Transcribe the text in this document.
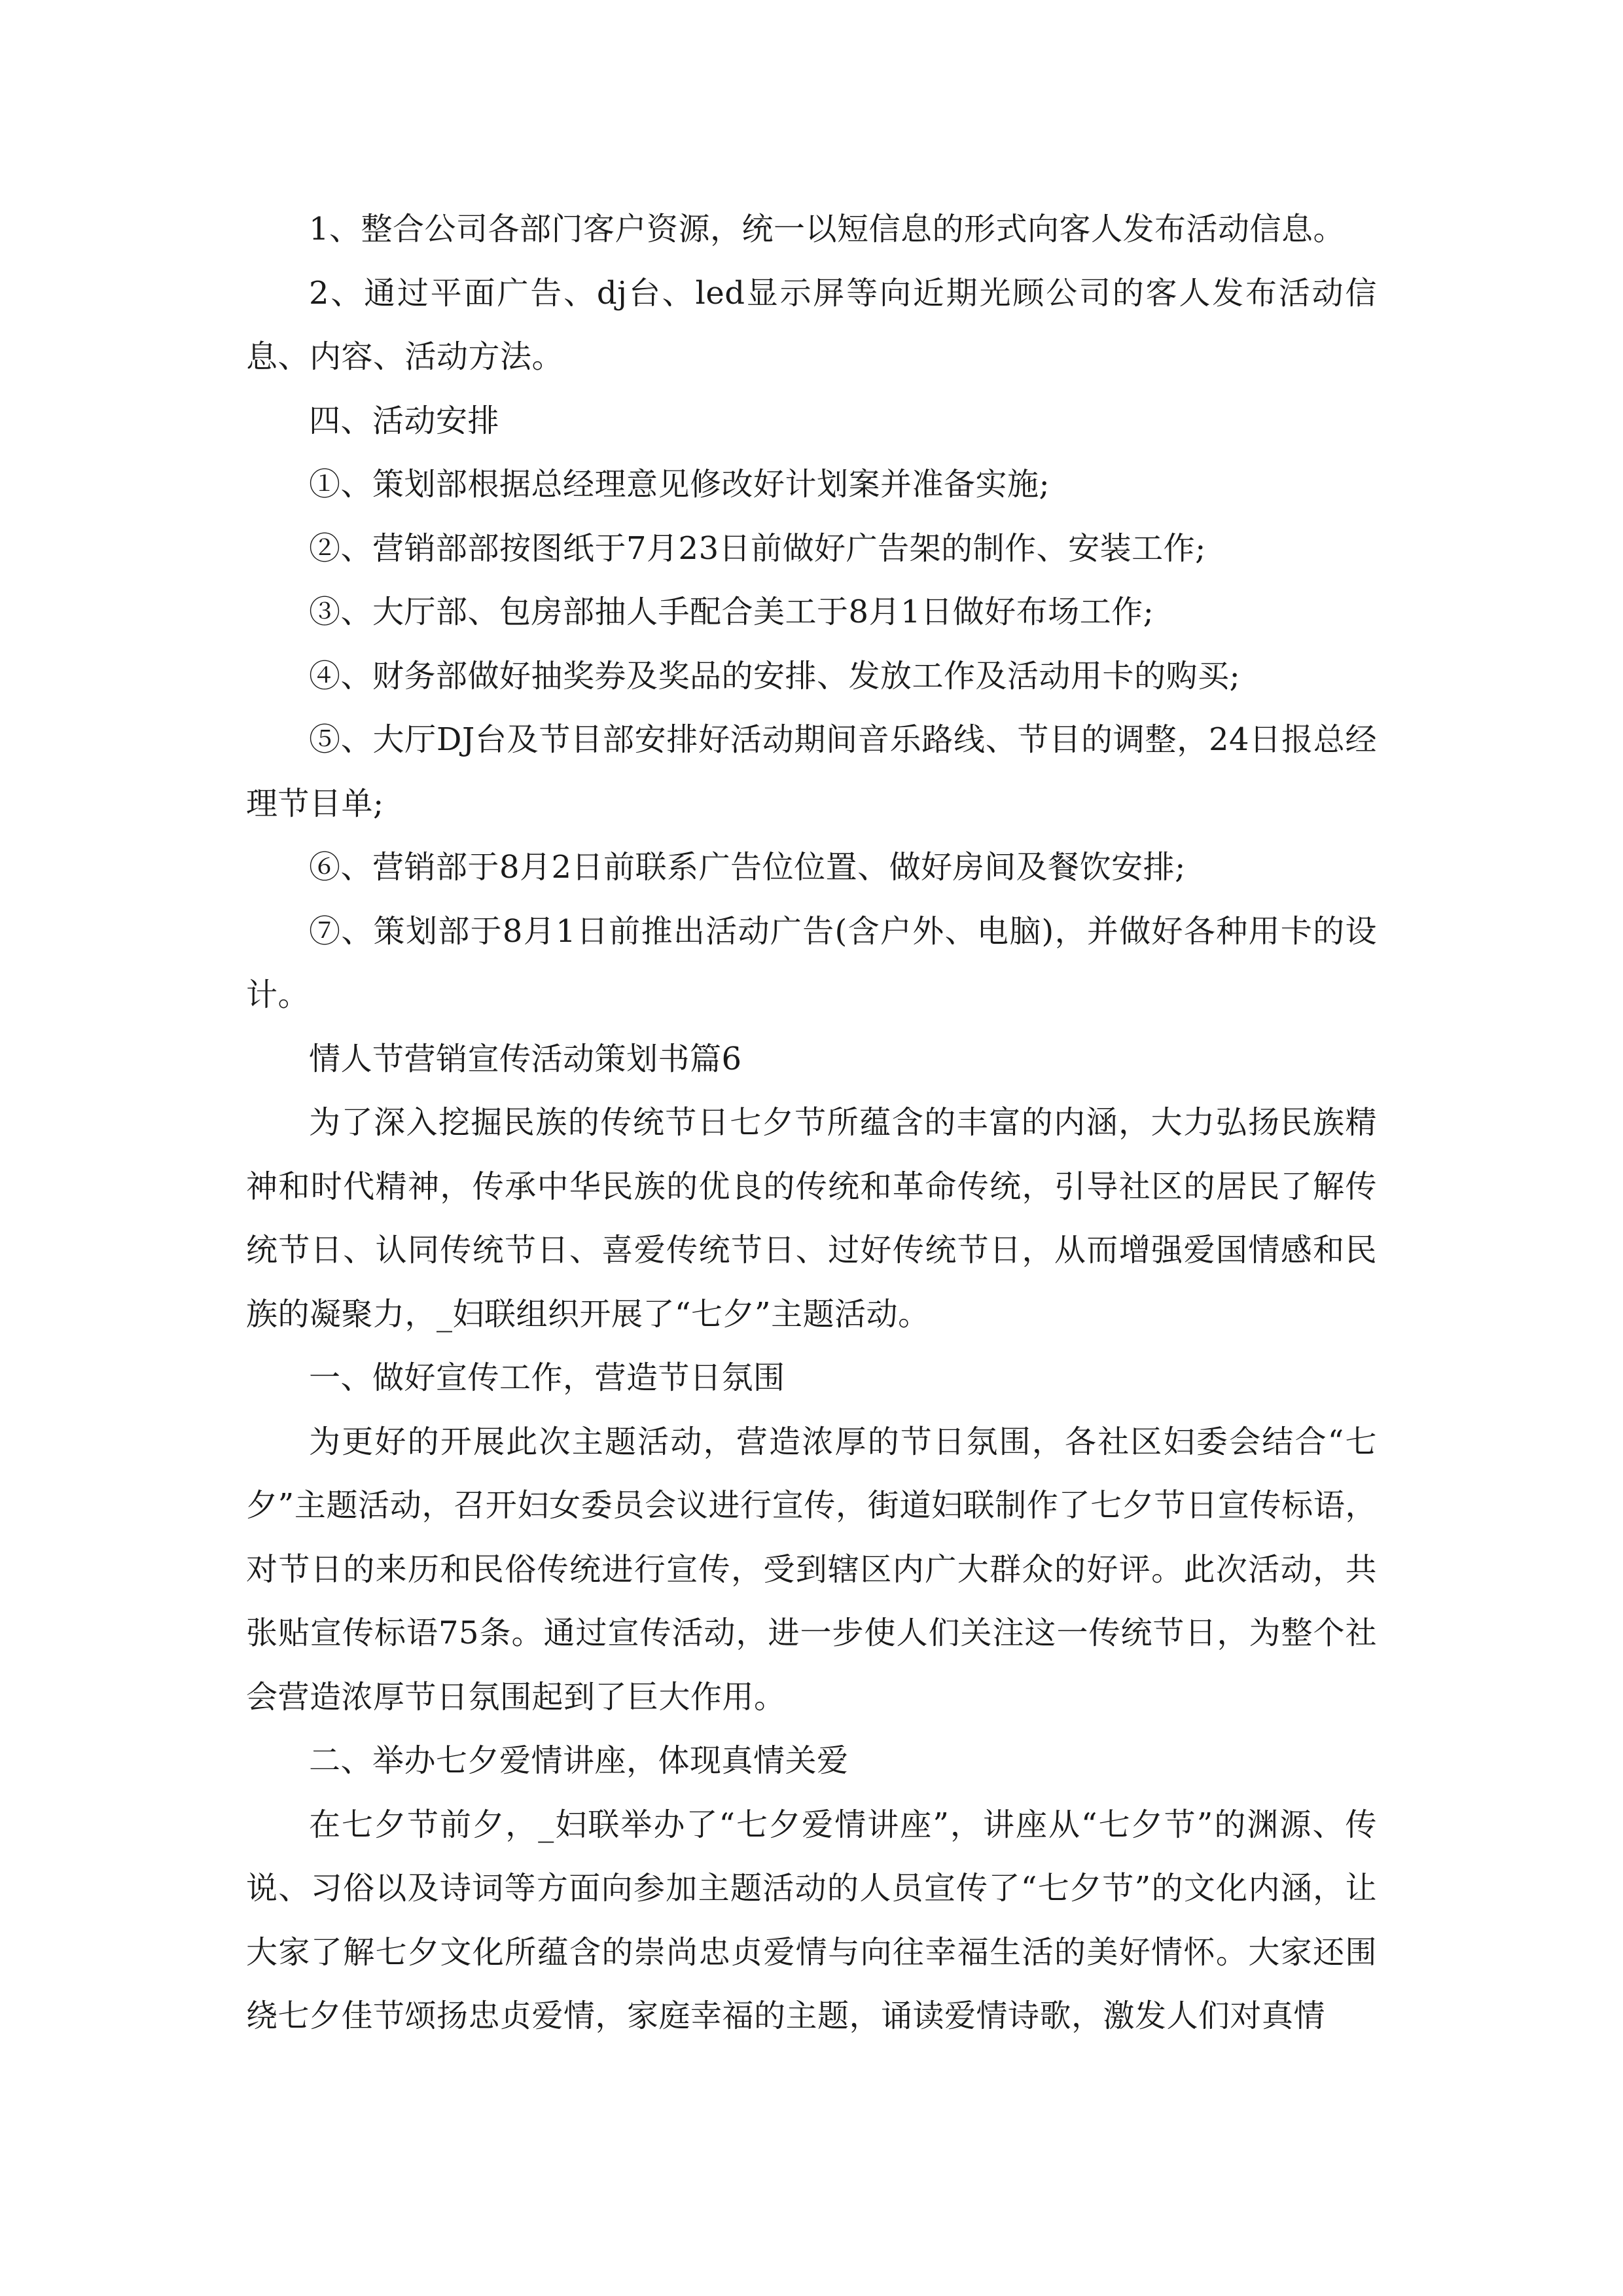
1、整合公司各部门客户资源，统一以短信息的形式向客人发布活动信息。

2、通过平面广告、dj台、led显示屏等向近期光顾公司的客人发布活动信息、内容、活动方法。

四、活动安排

①、策划部根据总经理意见修改好计划案并准备实施;

②、营销部部按图纸于7月23日前做好广告架的制作、安装工作;

③、大厅部、包房部抽人手配合美工于8月1日做好布场工作;

④、财务部做好抽奖券及奖品的安排、发放工作及活动用卡的购买;

⑤、大厅DJ台及节目部安排好活动期间音乐路线、节目的调整，24日报总经理节目单;

⑥、营销部于8月2日前联系广告位位置、做好房间及餐饮安排;

⑦、策划部于8月1日前推出活动广告(含户外、电脑)，并做好各种用卡的设计。

情人节营销宣传活动策划书篇6

为了深入挖掘民族的传统节日七夕节所蕴含的丰富的内涵，大力弘扬民族精神和时代精神，传承中华民族的优良的传统和革命传统，引导社区的居民了解传统节日、认同传统节日、喜爱传统节日、过好传统节日，从而增强爱国情感和民族的凝聚力，_妇联组织开展了“七夕”主题活动。

一、做好宣传工作，营造节日氛围

为更好的开展此次主题活动，营造浓厚的节日氛围，各社区妇委会结合“七夕”主题活动，召开妇女委员会议进行宣传，街道妇联制作了七夕节日宣传标语，对节日的来历和民俗传统进行宣传，受到辖区内广大群众的好评。此次活动，共张贴宣传标语75条。通过宣传活动，进一步使人们关注这一传统节日，为整个社会营造浓厚节日氛围起到了巨大作用。

二、举办七夕爱情讲座，体现真情关爱

在七夕节前夕，_妇联举办了“七夕爱情讲座”，讲座从“七夕节”的渊源、传说、习俗以及诗词等方面向参加主题活动的人员宣传了“七夕节”的文化内涵，让大家了解七夕文化所蕴含的崇尚忠贞爱情与向往幸福生活的美好情怀。大家还围绕七夕佳节颂扬忠贞爱情，家庭幸福的主题，诵读爱情诗歌，激发人们对真情
